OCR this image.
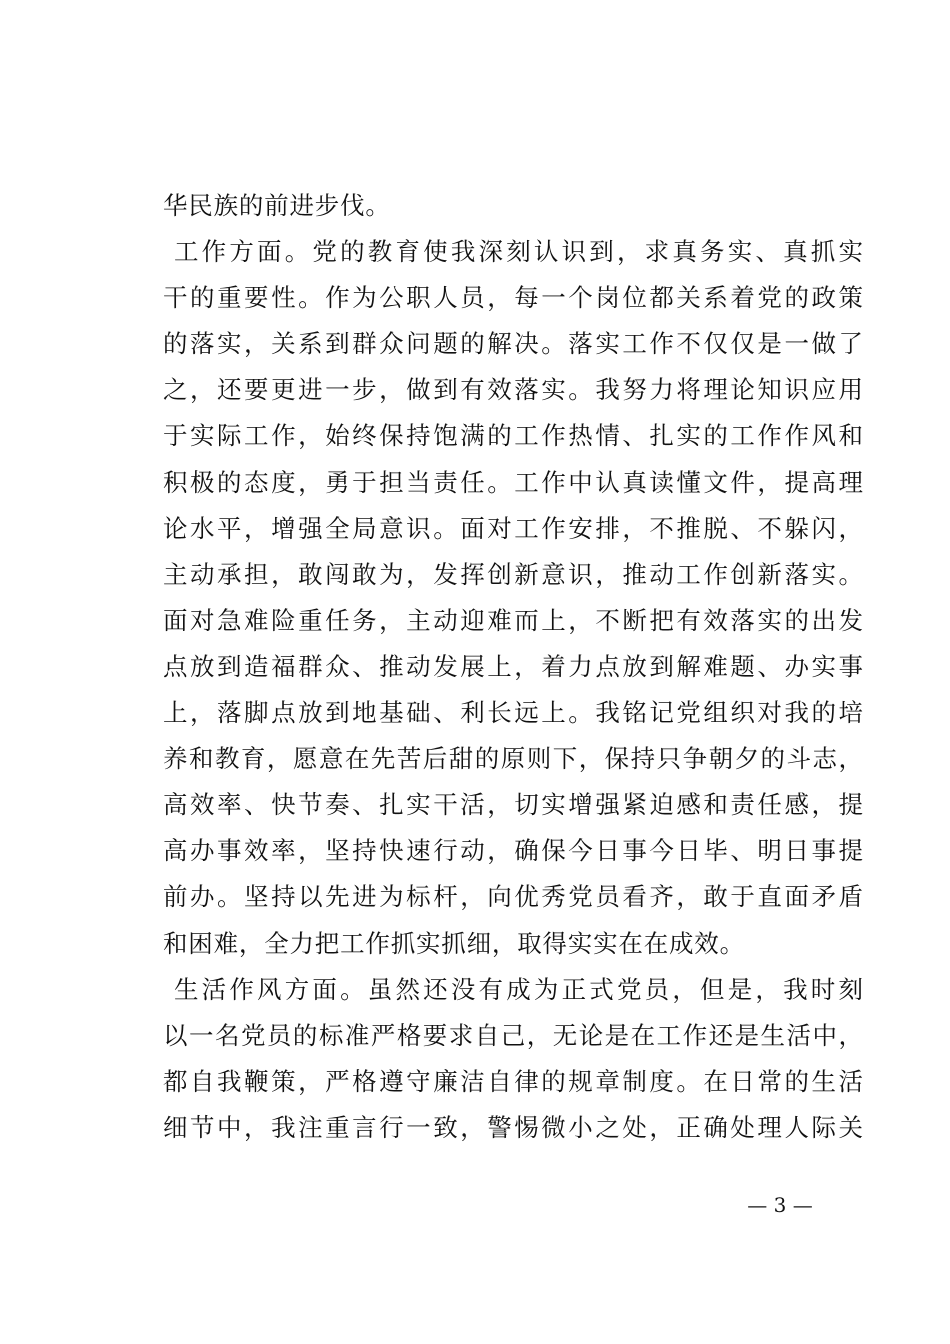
华民族的前进步伐。
工作方面。党的教育使我深刻认识到，求真务实、真抓实
干的重要性。作为公职人员，每一个岗位都关系着党的政策
的落实，关系到群众问题的解决。落实工作不仅仅是一做了
之，还要更进一步，做到有效落实。我努力将理论知识应用
于实际工作，始终保持饱满的工作热情、扎实的工作作风和
积极的态度，勇于担当责任。工作中认真读懂文件，提高理
论水平，增强全局意识。面对工作安排，不推脱、不躲闪，
主动承担，敢闯敢为，发挥创新意识，推动工作创新落实。
面对急难险重任务，主动迎难而上，不断把有效落实的出发
点放到造福群众、推动发展上，着力点放到解难题、办实事
上，落脚点放到地基础、利长远上。我铭记党组织对我的培
养和教育，愿意在先苦后甜的原则下，保持只争朝夕的斗志，
高效率、快节奏、扎实干活，切实增强紧迫感和责任感，提
高办事效率，坚持快速行动，确保今日事今日毕、明日事提
前办。坚持以先进为标杆，向优秀党员看齐，敢于直面矛盾
和困难，全力把工作抓实抓细，取得实实在在成效。
生活作风方面。虽然还没有成为正式党员，但是，我时刻
以一名党员的标准严格要求自己，无论是在工作还是生活中，
都自我鞭策，严格遵守廉洁自律的规章制度。在日常的生活
细节中，我注重言行一致，警惕微小之处，正确处理人际关
— 3 —
